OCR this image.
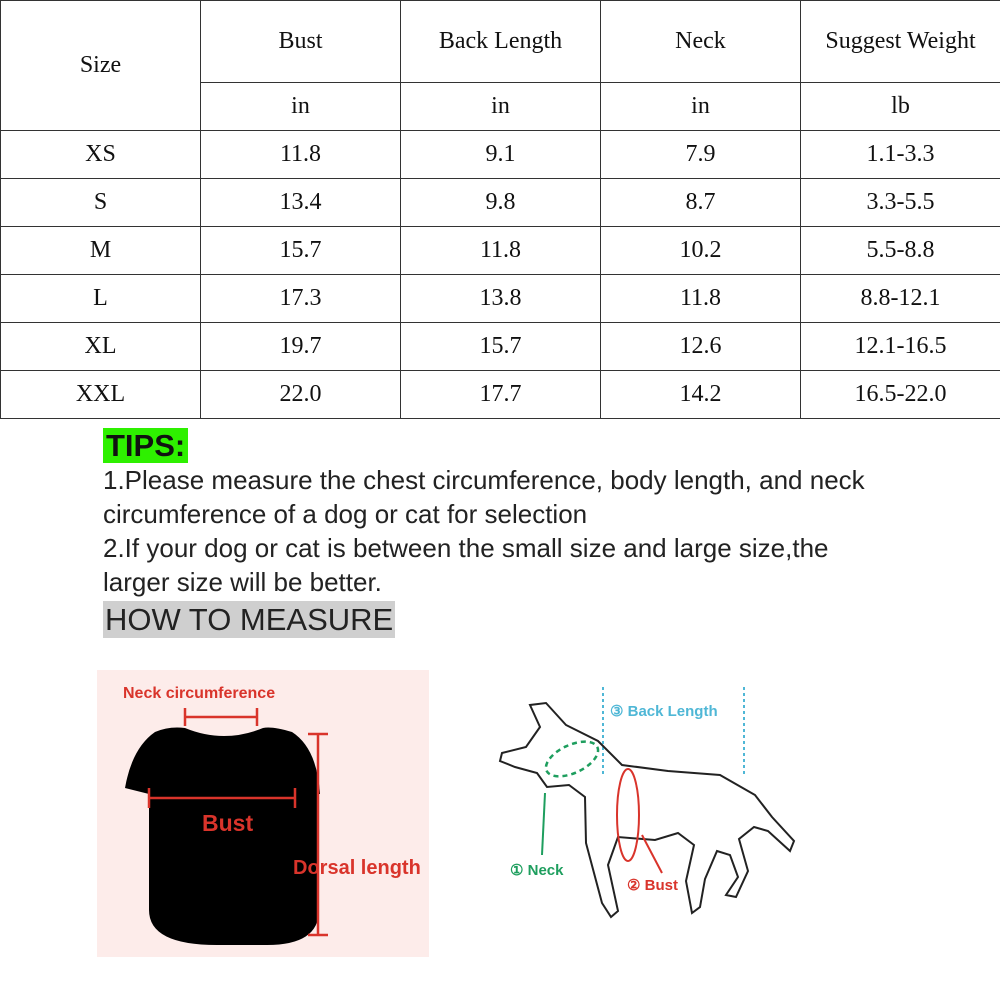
Size	Bust	Back Length	Neck	Suggest Weight
	in	in	in	lb
XS	11.8	9.1	7.9	1.1-3.3
S	13.4	9.8	8.7	3.3-5.5
M	15.7	11.8	10.2	5.5-8.8
L	17.3	13.8	11.8	8.8-12.1
XL	19.7	15.7	12.6	12.1-16.5
XXL	22.0	17.7	14.2	16.5-22.0
TIPS:

1.Please measure the chest circumference, body length, and neck

circumference of a dog or cat for selection

2.If your dog or cat is between the small size and large size,the

larger size will be better.

HOW TO MEASURE
Neck circumference
Bust
Dorsal length
③ Back Length
① Neck
② Bust
